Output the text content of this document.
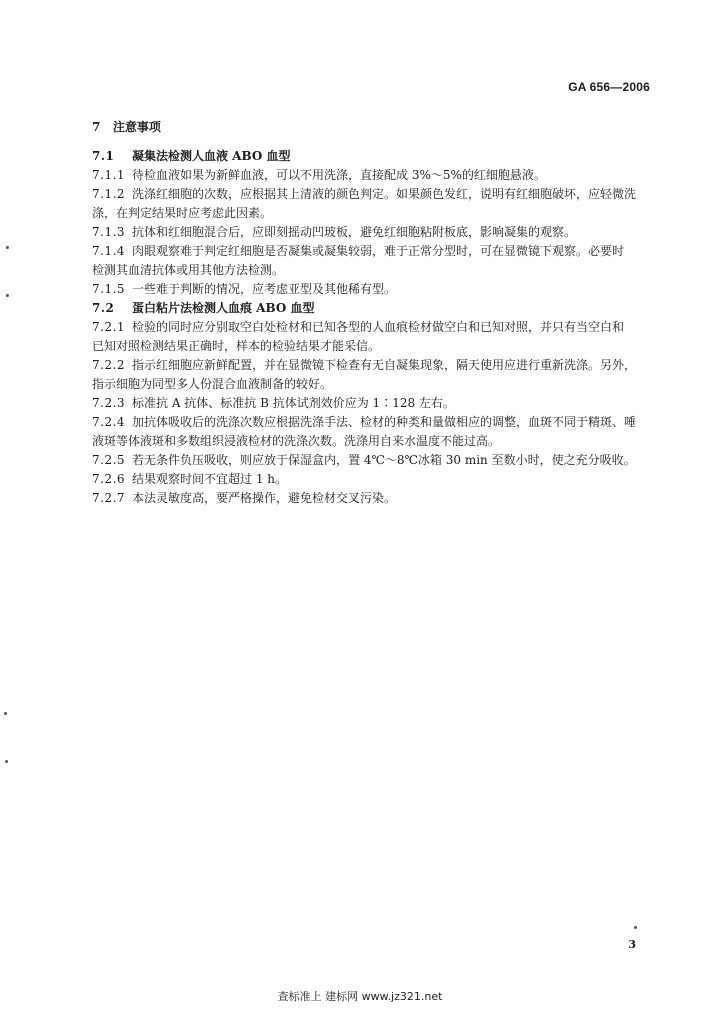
GA 656—2006
7 注意事项
7.1 凝集法检测人血液 ABO 血型
7.1.1 待检血液如果为新鲜血液，可以不用洗涤，直接配成 3%～5%的红细胞悬液。
7.1.2 洗涤红细胞的次数，应根据其上清液的颜色判定。如果颜色发红，说明有红细胞破坏，应轻微洗
涤，在判定结果时应考虑此因素。
7.1.3 抗体和红细胞混合后，应即刻摇动凹玻板，避免红细胞粘附板底，影响凝集的观察。
7.1.4 肉眼观察难于判定红细胞是否凝集或凝集较弱，难于正常分型时，可在显微镜下观察。必要时
检测其血清抗体或用其他方法检测。
7.1.5 一些难于判断的情况，应考虑亚型及其他稀有型。
7.2 蛋白粘片法检测人血痕 ABO 血型
7.2.1 检验的同时应分别取空白处检材和已知各型的人血痕检材做空白和已知对照，并只有当空白和
已知对照检测结果正确时，样本的检验结果才能采信。
7.2.2 指示红细胞应新鲜配置，并在显微镜下检查有无自凝集现象，隔天使用应进行重新洗涤。另外，
指示细胞为同型多人份混合血液制备的较好。
7.2.3 标准抗 A 抗体、标准抗 B 抗体试剂效价应为 1∶128 左右。
7.2.4 加抗体吸收后的洗涤次数应根据洗涤手法、检材的种类和量做相应的调整，血斑不同于精斑、唾
液斑等体液斑和多数组织浸液检材的洗涤次数。洗涤用自来水温度不能过高。
7.2.5 若无条件负压吸收，则应放于保湿盒内，置 4℃～8℃冰箱 30 min 至数小时，使之充分吸收。
7.2.6 结果观察时间不宜超过 1 h。
7.2.7 本法灵敏度高，要严格操作，避免检材交叉污染。
3
查标准上 建标网 www.jz321.net
